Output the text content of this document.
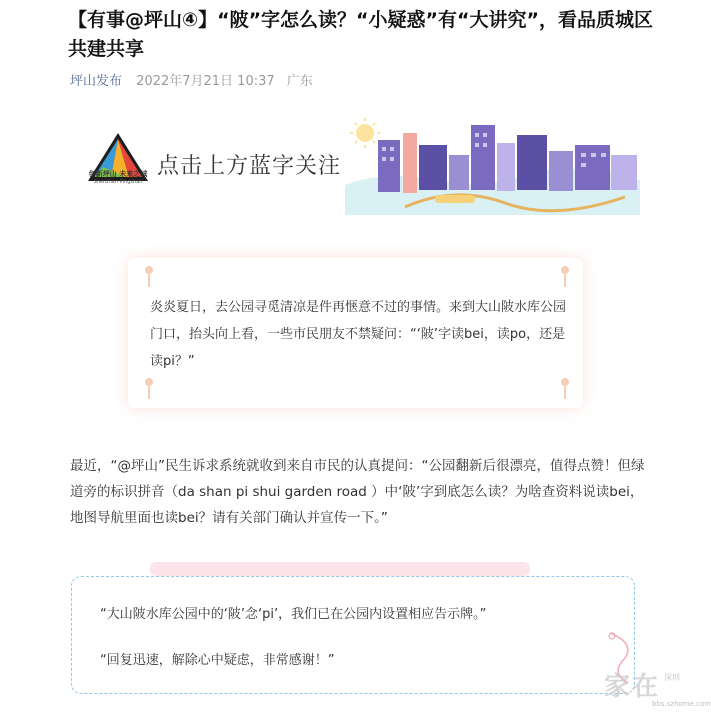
【有事@坪山④】“陂”字怎么读？“小疑惑”有“大讲究”，看品质城区共建共享
坪山发布 2022年7月21日 10:37 广东
创新坪山 未来之城
Shenzhen Pingshan
点击上方蓝字关注

炎炎夏日，去公园寻觅清凉是件再惬意不过的事情。来到大山陂水库公园门口，抬头向上看，一些市民朋友不禁疑问：“‘陂’字读bei，读po，还是读pi？”

最近，“@坪山”民生诉求系统就收到来自市民的认真提问：“公园翻新后很漂亮，值得点赞！但绿道旁的标识拼音（da shan pi shui garden road ）中‘陂’字到底怎么读？为啥查资料说读bei，地图导航里面也读bei？请有关部门确认并宣传一下。”

“大山陂水库公园中的‘陂’念‘pi’，我们已在公园内设置相应告示牌。”

“回复迅速，解除心中疑虑，非常感谢！”

家在 深圳
bbs.szhome.com
